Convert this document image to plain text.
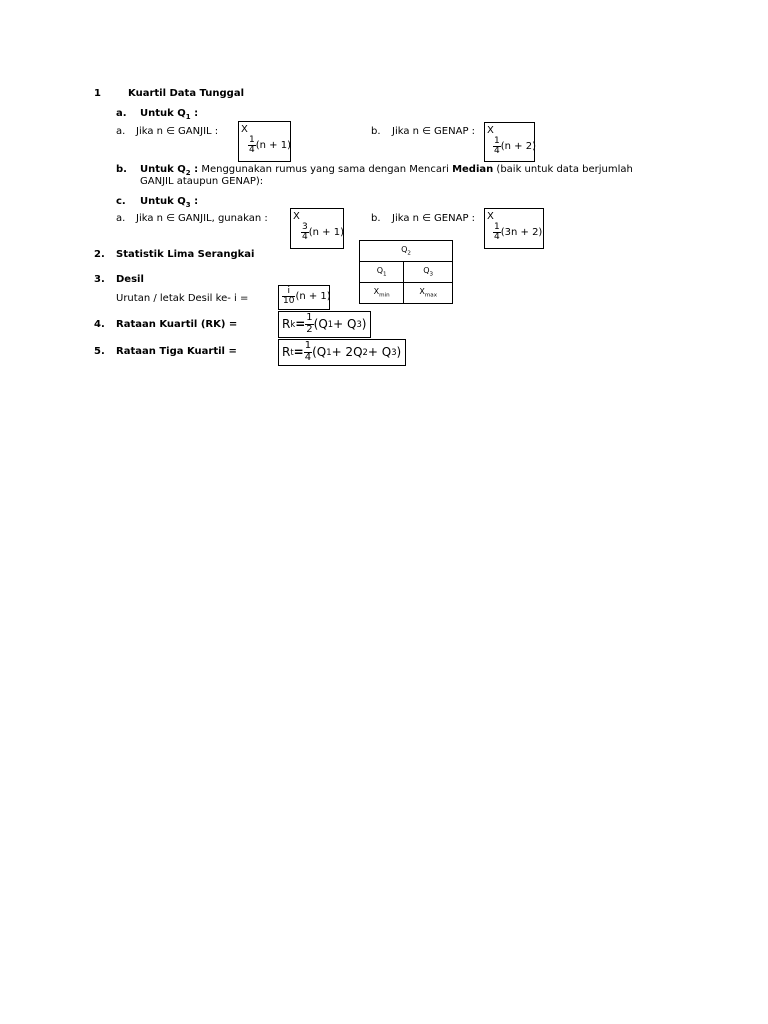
1	Kuartil Data Tunggal
a. Untuk $Q_1$ :
a. Jika n ∈ GANJIL : X
$\frac{1}{4} (n + 1)$
b. Jika n ∈ GENAP : X
$\frac{1}{4} (n + 2)$
b. Untuk $Q_2$ : Menggunakan rumus yang sama dengan Mencari Median (baik untuk data berjumlah
GANJIL ataupun GENAP):
c. Untuk $Q_3$ :
a. Jika n ∈ GANJIL, gunakan :	X
$\frac{3}{4} (n + 1)$
b. Jika n ∈ GENAP : X
$\frac{1}{4} (3n + 2)$
2. Statistik Lima Serangkai	$Q_2$
$Q_1$	$Q_3$
$X_{min}$	$X_{max}$
3. Desil
Urutan / letak Desil ke- i =	$\frac{i}{10} (n + 1)$
4. Rataan Kuartil (RK) =	R $k = \frac{1}{2} (Q$ 1 + Q 3 )
5. Rataan Tiga Kuartil =	R $t = \frac{1}{4} (Q$ 1 + 2Q 2 + Q 3 )
